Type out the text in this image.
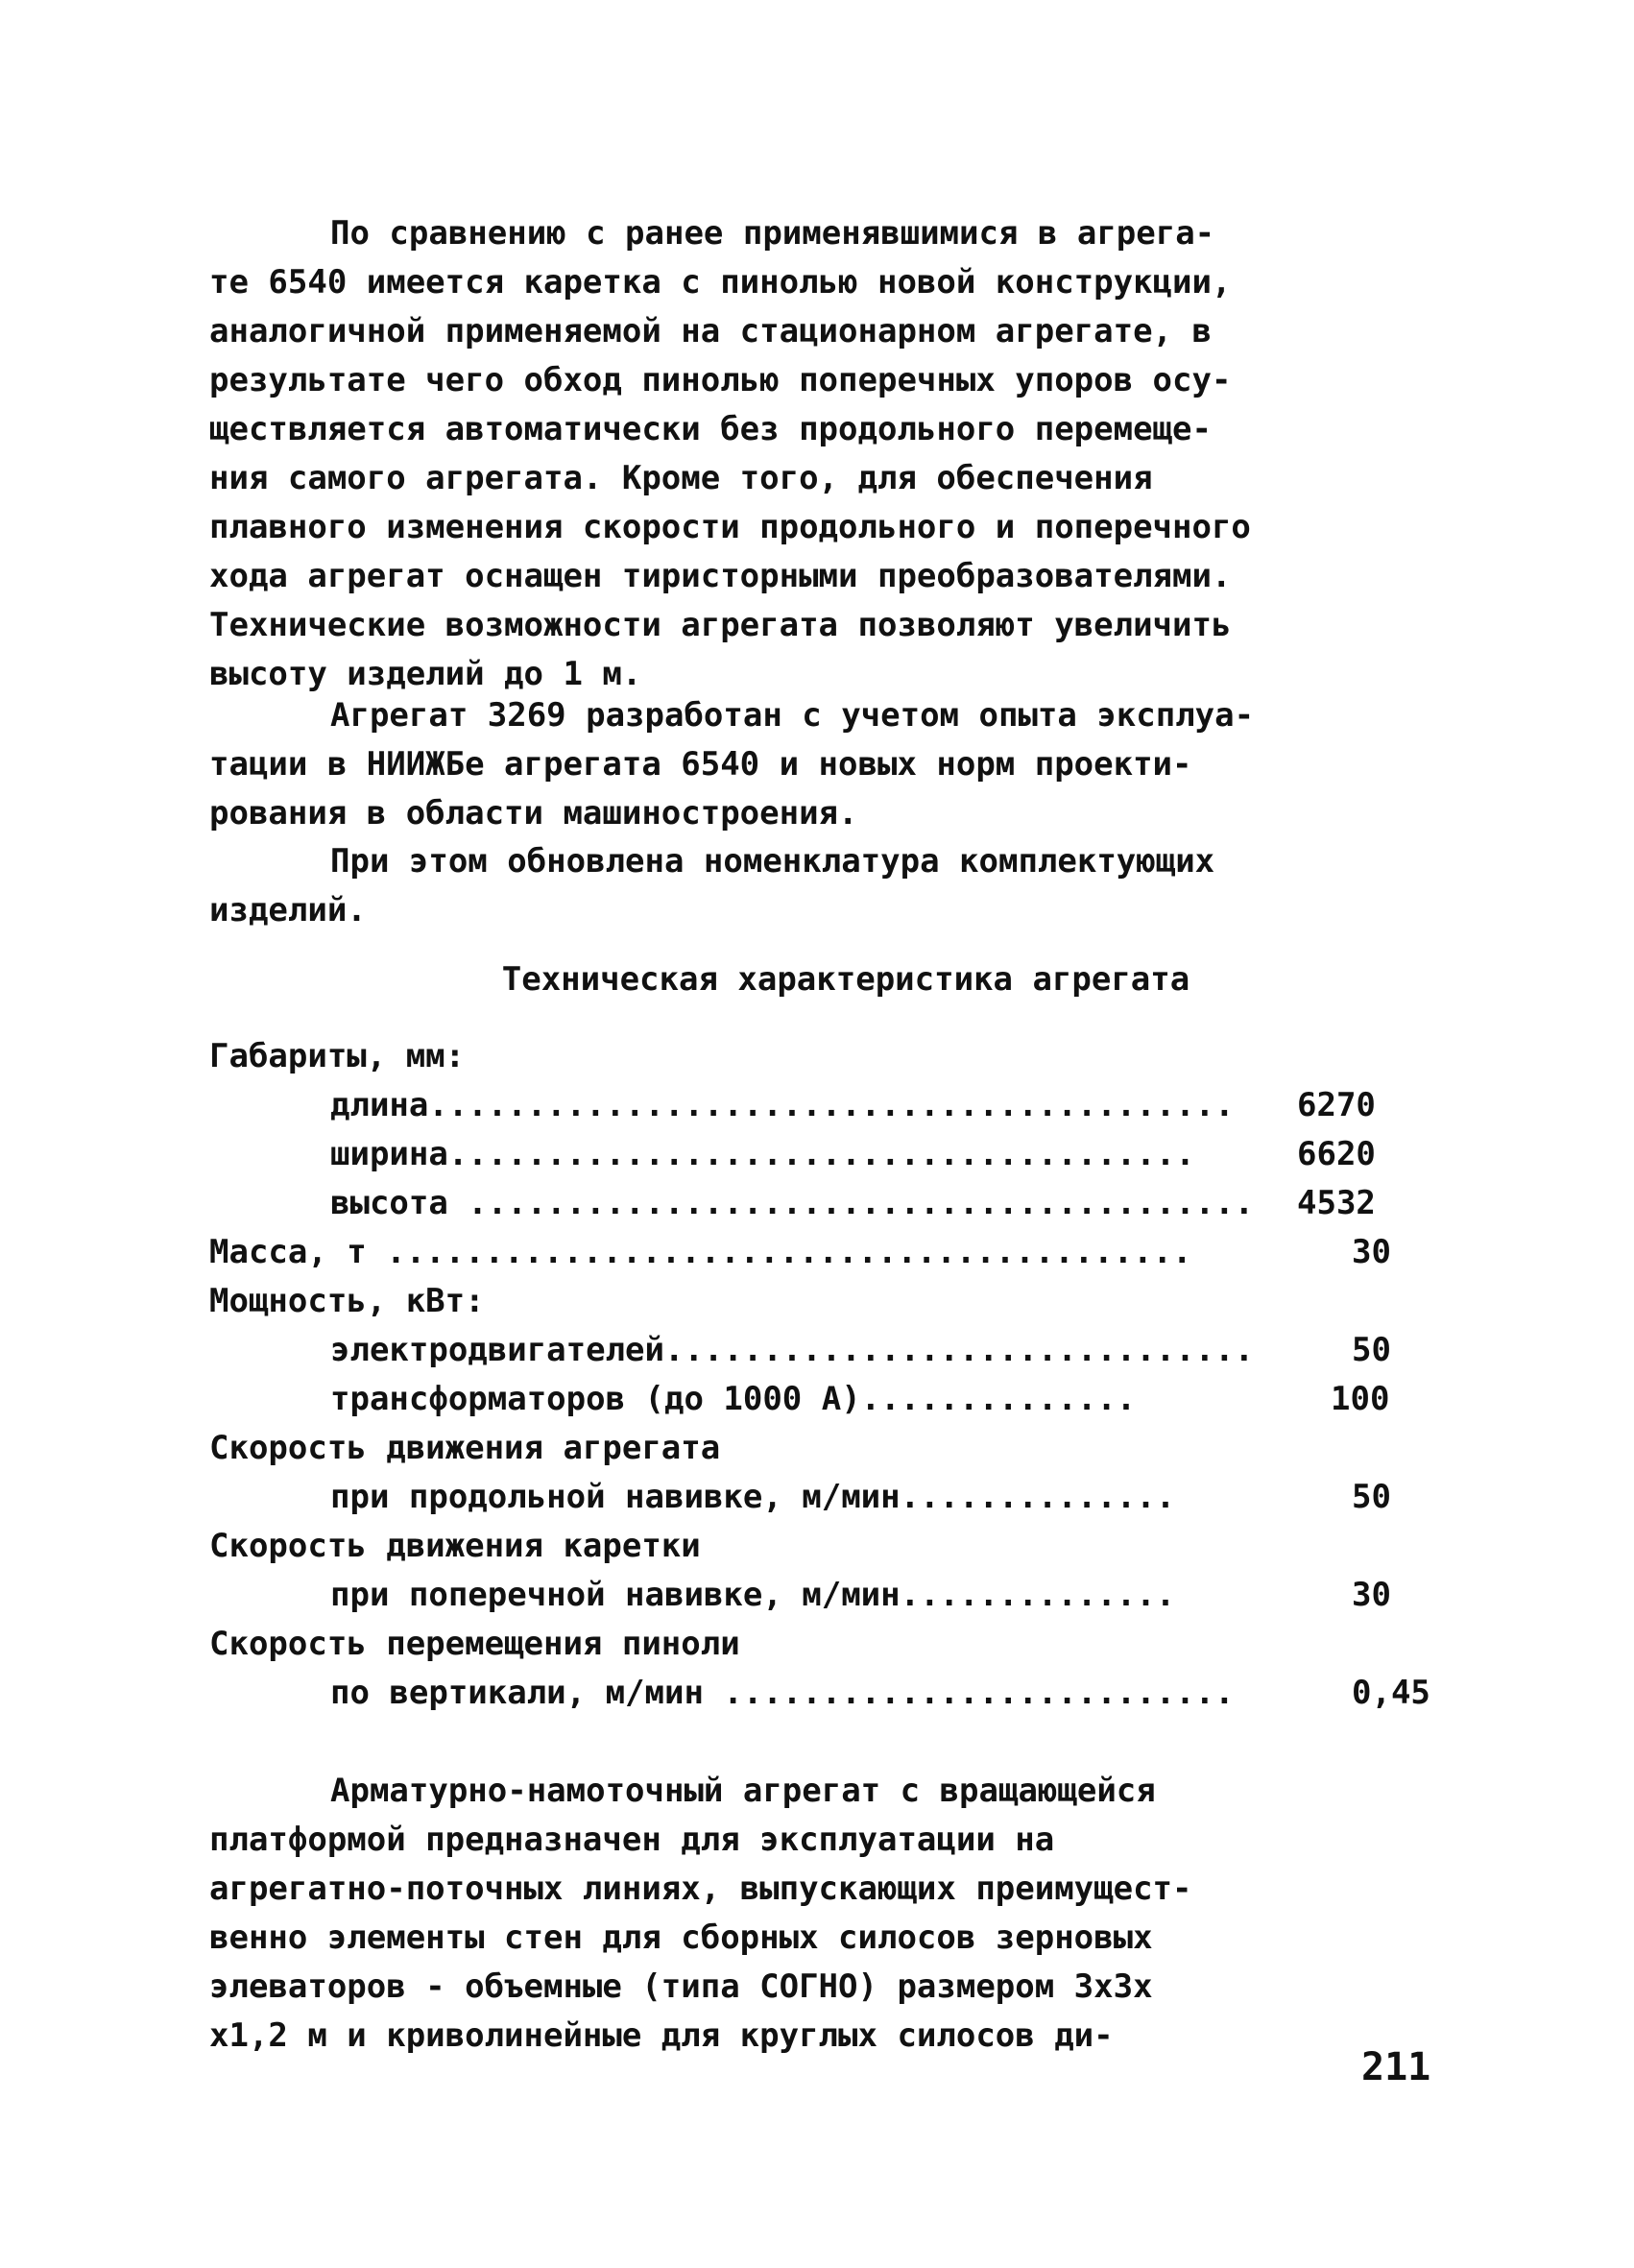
По сравнению с ранее применявшимися в агрега-
те 6540 имеется каретка с пинолью новой конструкции,
аналогичной применяемой на стационарном агрегате, в
результате чего обход пинолью поперечных упоров осу-
ществляется автоматически без продольного перемеще-
ния самого агрегата. Кроме того, для обеспечения
плавного изменения скорости продольного и поперечного
хода агрегат оснащен тиристорными преобразователями.
Технические возможности агрегата позволяют увеличить
высоту изделий до 1 м.
Агрегат 3269 разработан с учетом опыта эксплуа-
тации в НИИЖБе агрегата 6540 и новых норм проекти-
рования в области машиностроения.
При этом обновлена номенклатура комплектующих
изделий.
Техническая характеристика агрегата
Габариты, мм:
длина......................................... 6270
ширина......................................	6620
высота ........................................ 4532
Масса, т .........................................	30
Мощность, кВт:
электродвигателей..............................	50
трансформаторов (до 1000 А)..............	100
Скорость движения агрегата
при продольной навивке, м/мин..............	50
Скорость движения каретки
при поперечной навивке, м/мин..............	30
Скорость перемещения пиноли
по вертикали, м/мин ..........................	0,45
Арматурно-намоточный агрегат с вращающейся
платформой предназначен для эксплуатации на
агрегатно-поточных линиях, выпускающих преимущест-
венно элементы стен для сборных силосов зерновых
элеваторов - объемные (типа СОГНО) размером 3х3х
х1,2 м и криволинейные для круглых силосов ди-
211
